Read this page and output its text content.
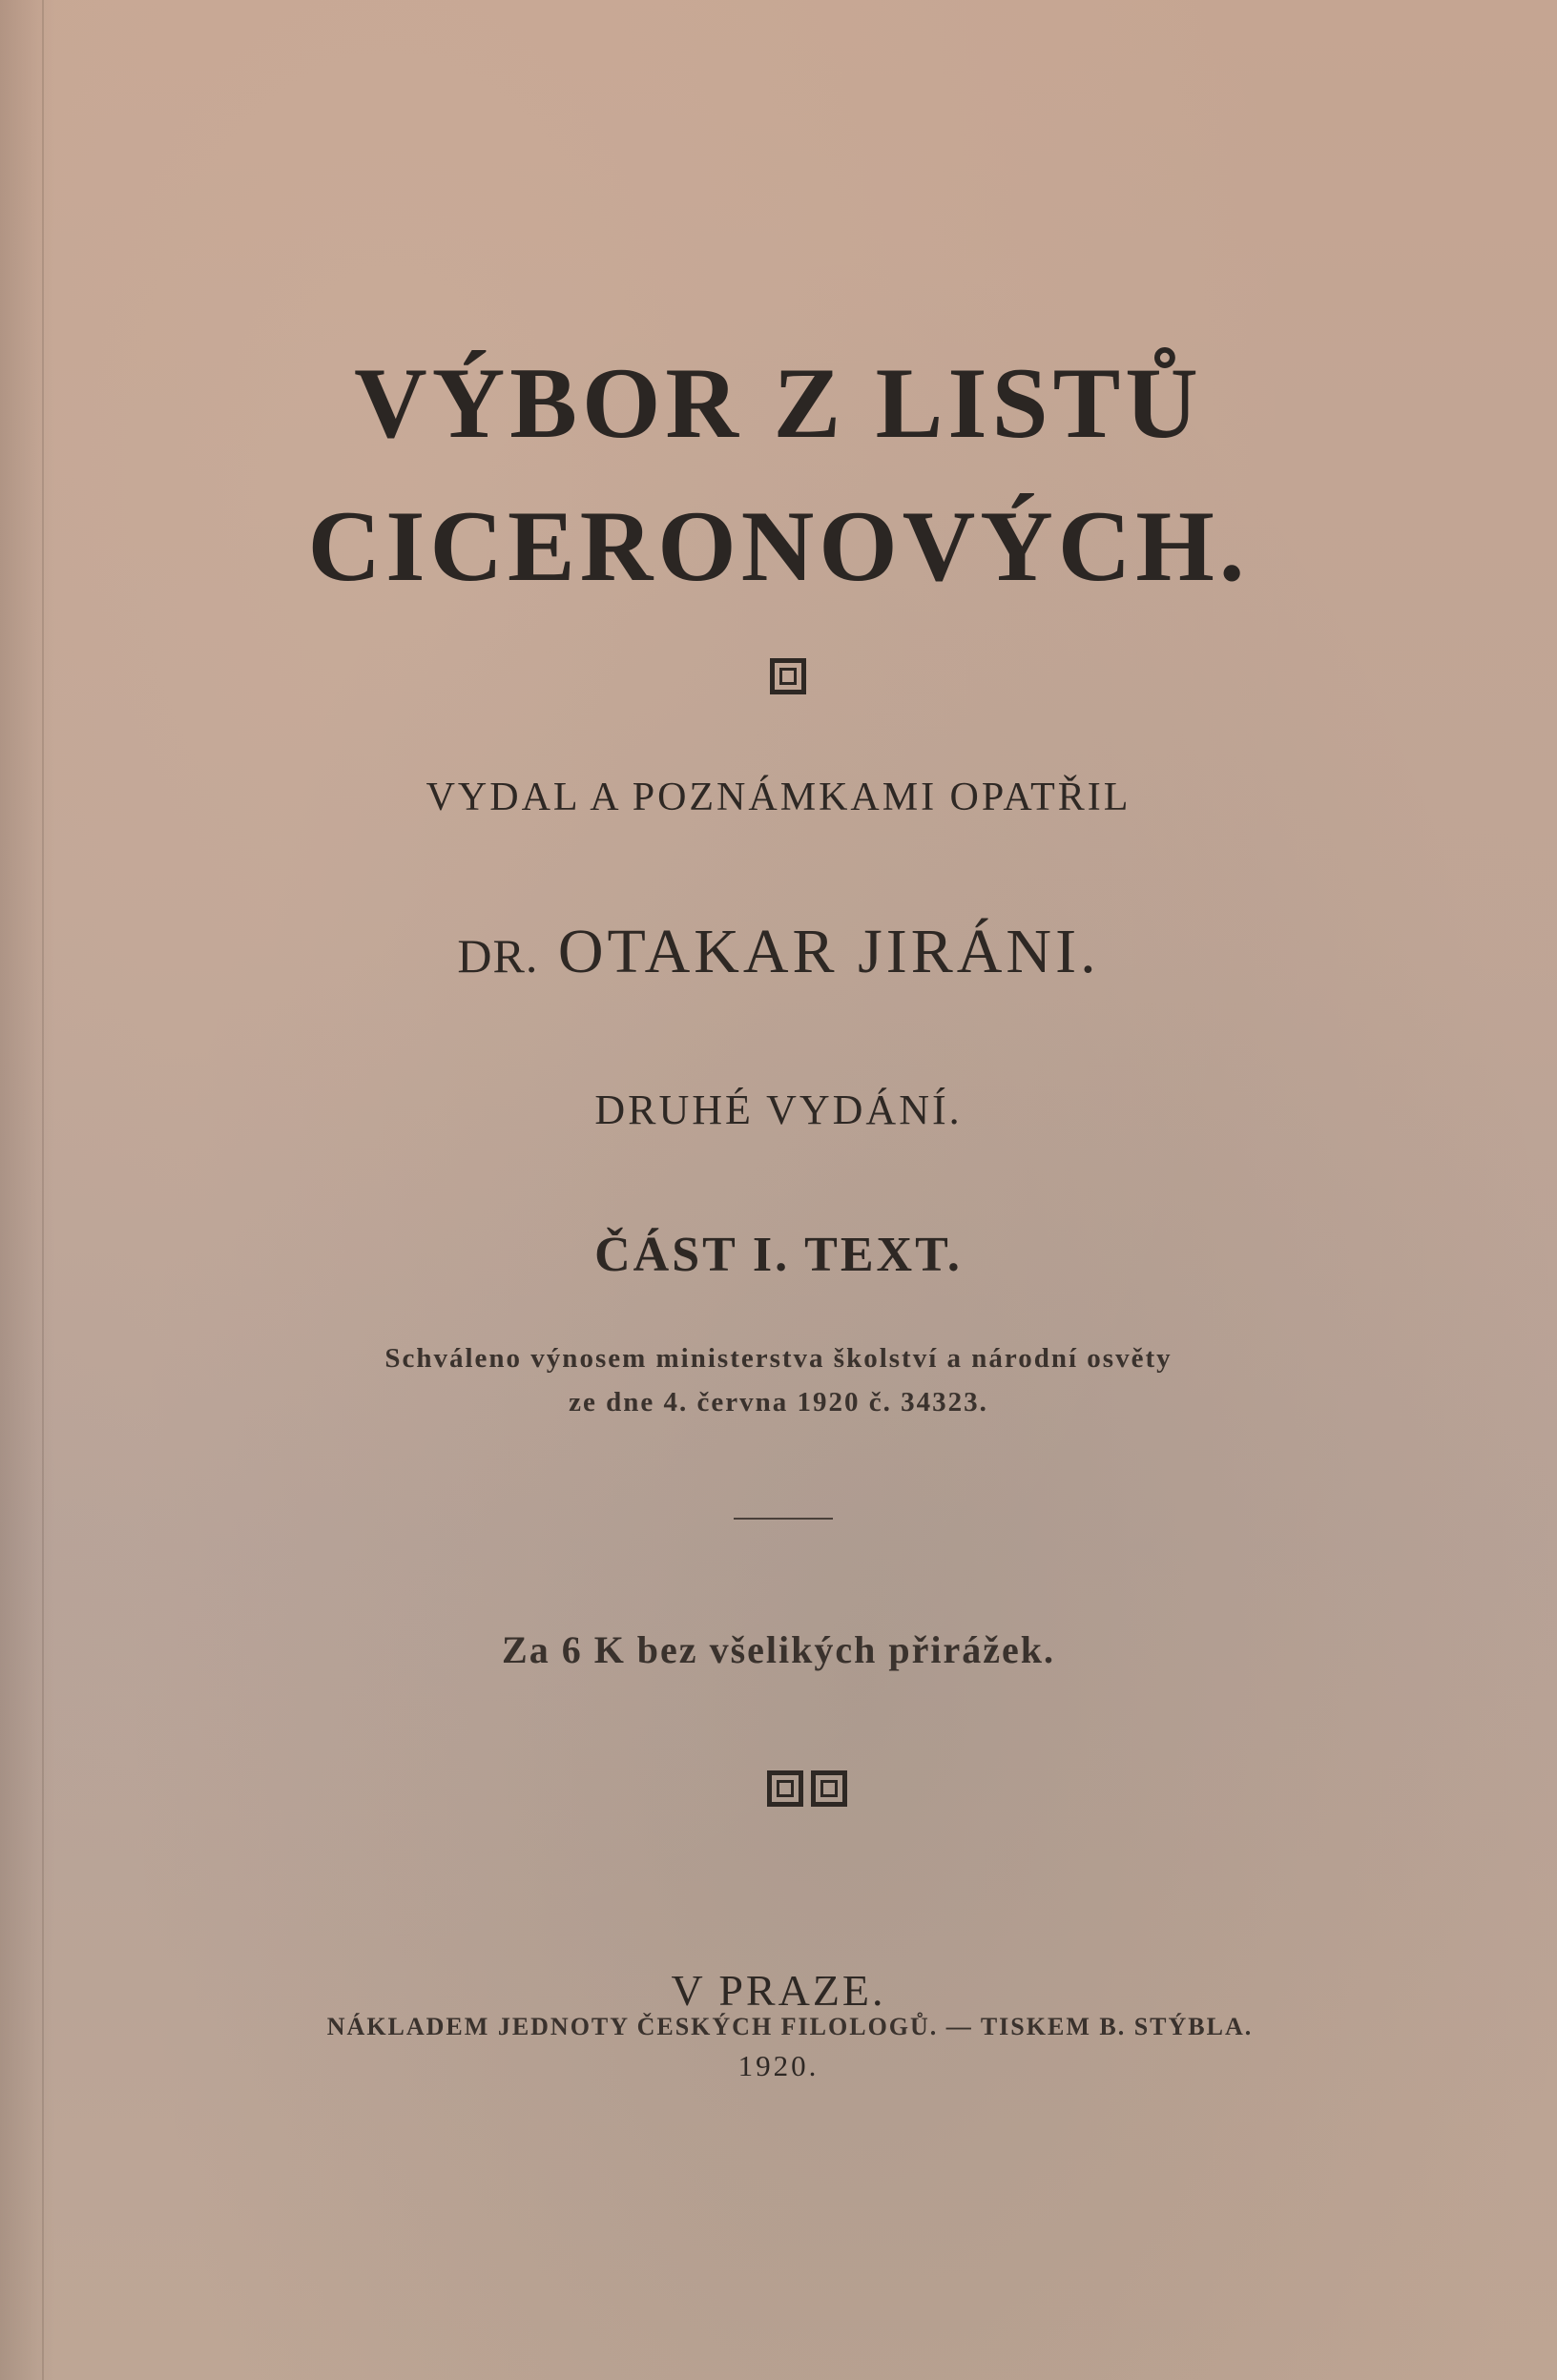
VÝBOR Z LISTŮ
CICERONOVÝCH.
VYDAL A POZNÁMKAMI OPATŘIL
DR. OTAKAR JIRÁNI.
DRUHÉ VYDÁNÍ.
ČÁST I. TEXT.
Schváleno výnosem ministerstva školství a národní osvěty
ze dne 4. června 1920 č. 34323.
Za 6 K bez všelikých přirážek.
V PRAZE.
NÁKLADEM JEDNOTY ČESKÝCH FILOLOGŮ. — TISKEM B. STÝBLA.
1920.
